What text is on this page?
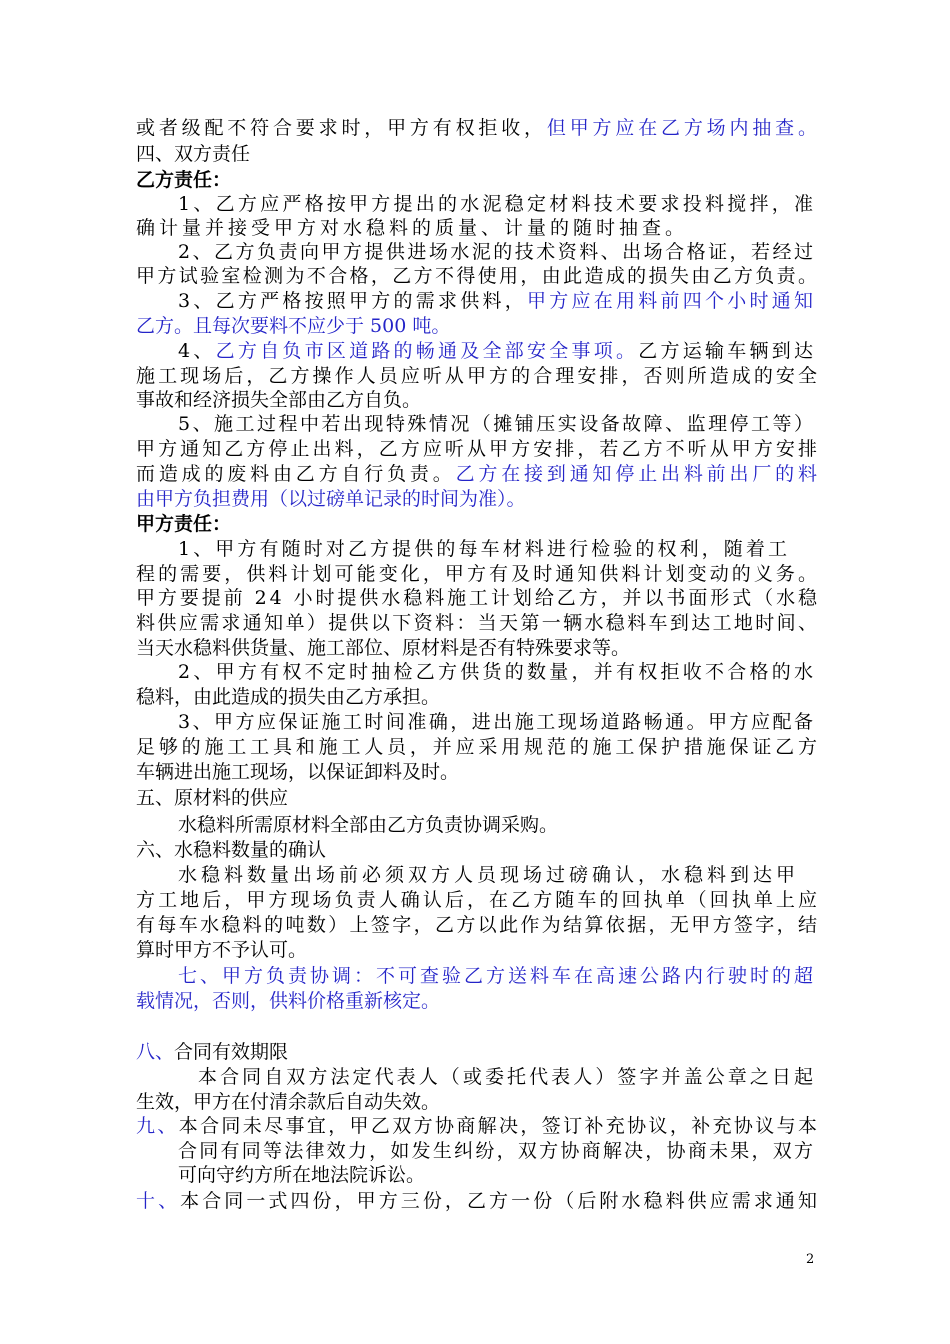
或者级配不符合要求时，甲方有权拒收，但甲方应在乙方场内抽查。
四、双方责任
乙方责任：
1、乙方应严格按甲方提出的水泥稳定材料技术要求投料搅拌，准
确计量并接受甲方对水稳料的质量、计量的随时抽查。
2、乙方负责向甲方提供进场水泥的技术资料、出场合格证，若经过
甲方试验室检测为不合格，乙方不得使用，由此造成的损失由乙方负责。
3、乙方严格按照甲方的需求供料，甲方应在用料前四个小时通知
乙方。且每次要料不应少于 500 吨。
4、乙方自负市区道路的畅通及全部安全事项。乙方运输车辆到达
施工现场后，乙方操作人员应听从甲方的合理安排，否则所造成的安全
事故和经济损失全部由乙方自负。
5、施工过程中若出现特殊情况（摊铺压实设备故障、监理停工等）
甲方通知乙方停止出料，乙方应听从甲方安排，若乙方不听从甲方安排
而造成的废料由乙方自行负责。乙方在接到通知停止出料前出厂的料
由甲方负担费用（以过磅单记录的时间为准）。
甲方责任：
1、甲方有随时对乙方提供的每车材料进行检验的权利，随着工
程的需要，供料计划可能变化，甲方有及时通知供料计划变动的义务。
甲方要提前 24 小时提供水稳料施工计划给乙方，并以书面形式（水稳
料供应需求通知单）提供以下资料：当天第一辆水稳料车到达工地时间、
当天水稳料供货量、施工部位、原材料是否有特殊要求等。
2、甲方有权不定时抽检乙方供货的数量，并有权拒收不合格的水
稳料，由此造成的损失由乙方承担。
3、甲方应保证施工时间准确，进出施工现场道路畅通。甲方应配备
足够的施工工具和施工人员，并应采用规范的施工保护措施保证乙方
车辆进出施工现场，以保证卸料及时。
五、原材料的供应
水稳料所需原材料全部由乙方负责协调采购。
六、水稳料数量的确认
水稳料数量出场前必须双方人员现场过磅确认，水稳料到达甲
方工地后，甲方现场负责人确认后，在乙方随车的回执单（回执单上应
有每车水稳料的吨数）上签字，乙方以此作为结算依据，无甲方签字，结
算时甲方不予认可。
七、甲方负责协调：不可查验乙方送料车在高速公路内行驶时的超
载情况，否则，供料价格重新核定。
八、合同有效期限
本合同自双方法定代表人（或委托代表人）签字并盖公章之日起
生效，甲方在付清余款后自动失效。
九、本合同未尽事宜，甲乙双方协商解决，签订补充协议，补充协议与本
合同有同等法律效力，如发生纠纷，双方协商解决，协商未果，双方
可向守约方所在地法院诉讼。
十、本合同一式四份，甲方三份，乙方一份（后附水稳料供应需求通知
2
